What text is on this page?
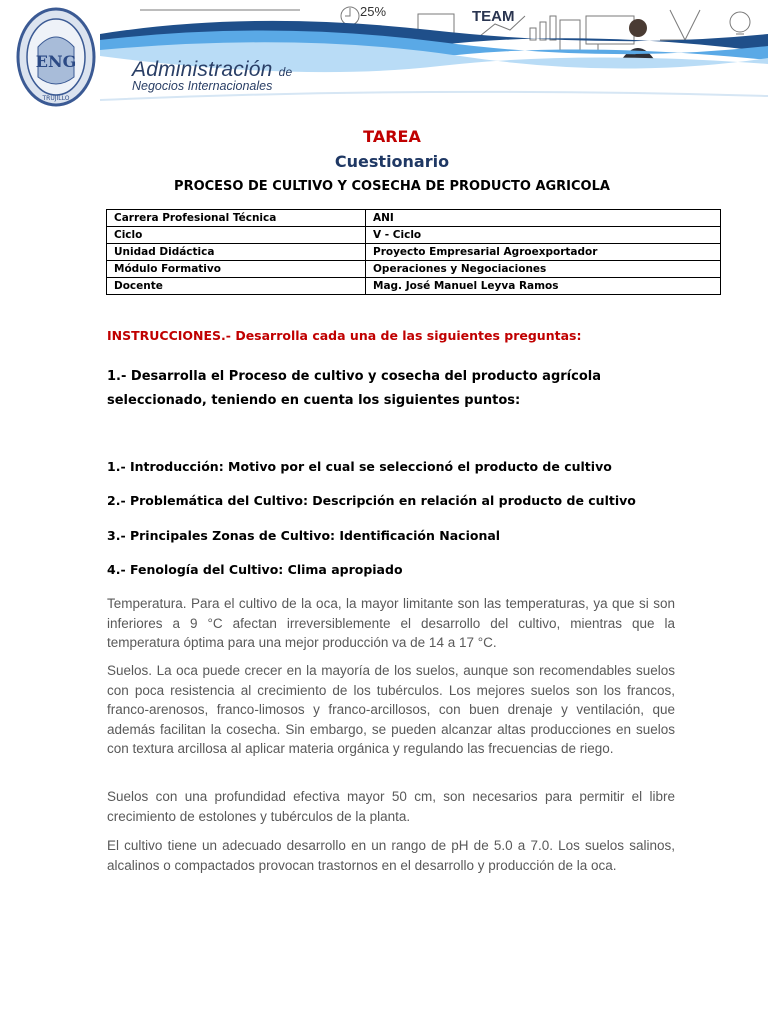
ENG
TRUJILLO
25%	TEAM
Administración de
Negocios Internacionales
TAREA
Cuestionario
PROCESO DE CULTIVO Y COSECHA DE PRODUCTO AGRICOLA
Carrera Profesional Técnica	ANI
Ciclo	V - Ciclo
Unidad Didáctica	Proyecto Empresarial Agroexportador
Módulo Formativo	Operaciones y Negociaciones
Docente	Mag. José Manuel Leyva Ramos
INSTRUCCIONES.- Desarrolla cada una de las siguientes preguntas:
1.- Desarrolla el Proceso de cultivo y cosecha del producto agrícola seleccionado, teniendo en cuenta los siguientes puntos:
1.- Introducción: Motivo por el cual se seleccionó el producto de cultivo
2.- Problemática del Cultivo: Descripción en relación al producto de cultivo
3.- Principales Zonas de Cultivo: Identificación Nacional
4.- Fenología del Cultivo: Clima apropiado

Temperatura. Para el cultivo de la oca, la mayor limitante son las temperaturas, ya que si son inferiores a 9 °C afectan irreversiblemente el desarrollo del cultivo, mientras que la temperatura óptima para una mejor producción va de 14 a 17 °C.

Suelos. La oca puede crecer en la mayoría de los suelos, aunque son recomendables suelos con poca resistencia al crecimiento de los tubérculos. Los mejores suelos son los francos, franco-arenosos, franco-limosos y franco-arcillosos, con buen drenaje y ventilación, que además facilitan la cosecha. Sin embargo, se pueden alcanzar altas producciones en suelos con textura arcillosa al aplicar materia orgánica y regulando las frecuencias de riego.

Suelos con una profundidad efectiva mayor 50 cm, son necesarios para permitir el libre crecimiento de estolones y tubérculos de la planta.

El cultivo tiene un adecuado desarrollo en un rango de pH de 5.0 a 7.0. Los suelos salinos, alcalinos o compactados provocan trastornos en el desarrollo y producción de la oca.
